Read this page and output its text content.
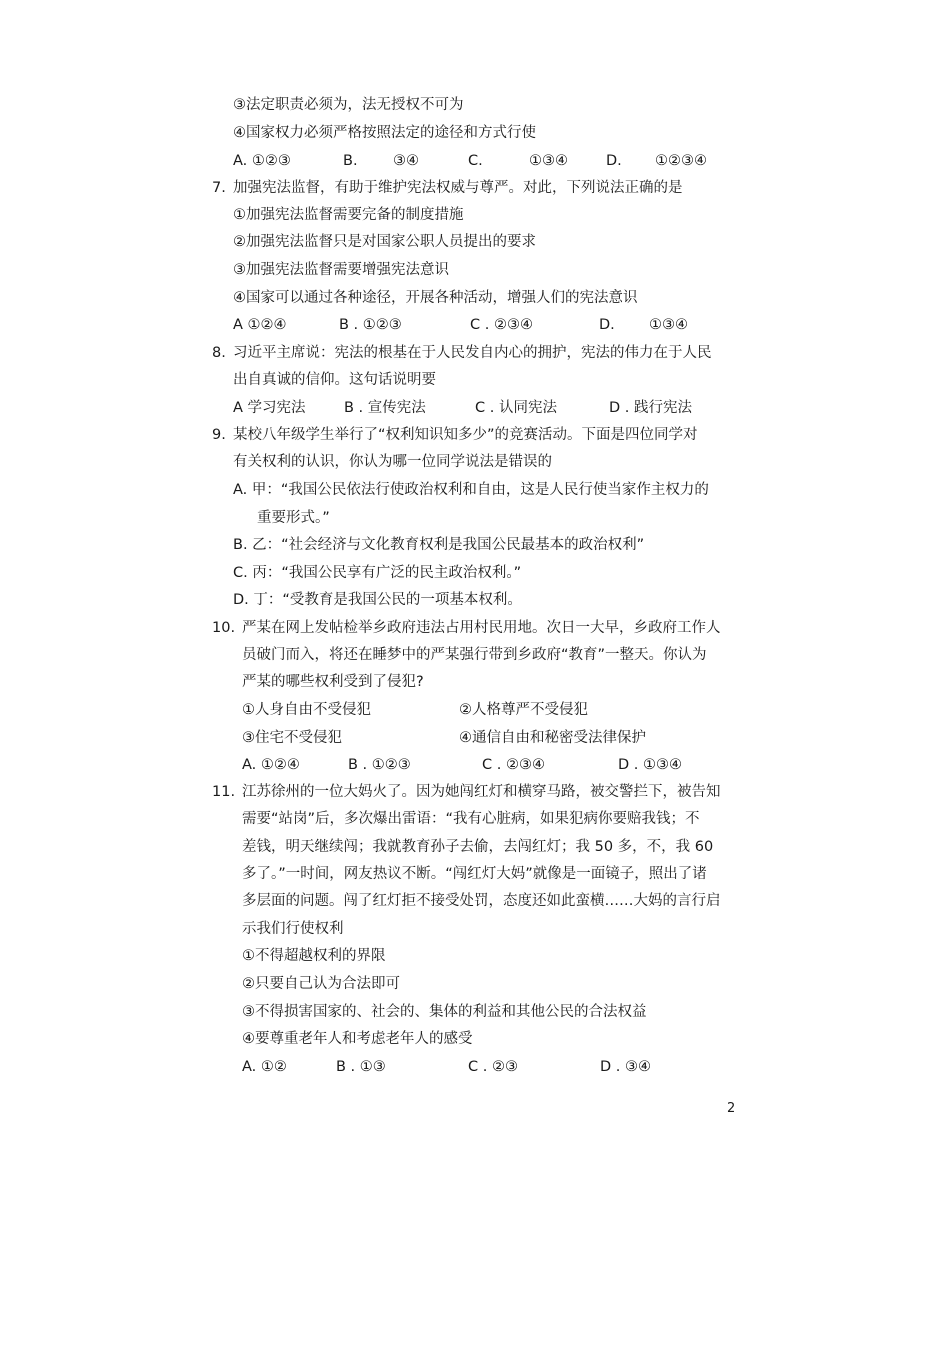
③法定职责必须为，法无授权不可为
④国家权力必须严格按照法定的途径和方式行使
A. ①②③	B. ③④	C.	①③④	D. ①②③④
7. 加强宪法监督，有助于维护宪法权威与尊严。对此，下列说法正确的是
①加强宪法监督需要完备的制度措施
②加强宪法监督只是对国家公职人员提出的要求
③加强宪法监督需要增强宪法意识
④国家可以通过各种途径，开展各种活动，增强人们的宪法意识
A ①②④	B . ①②③	C . ②③④	D. ①③④
8. 习近平主席说：宪法的根基在于人民发自内心的拥护，宪法的伟力在于人民
出自真诚的信仰。这句话说明要
A 学习宪法	B . 宣传宪法	C . 认同宪法	D . 践行宪法
9. 某校八年级学生举行了“权利知识知多少”的竞赛活动。下面是四位同学对
有关权利的认识，你认为哪一位同学说法是错误的
A. 甲：“我国公民依法行使政治权利和自由，这是人民行使当家作主权力的
重要形式。”
B. 乙：“社会经济与文化教育权利是我国公民最基本的政治权利”
C. 丙：“我国公民享有广泛的民主政治权利。”
D. 丁：“受教育是我国公民的一项基本权利。
10. 严某在网上发帖检举乡政府违法占用村民用地。次日一大早，乡政府工作人
员破门而入，将还在睡梦中的严某强行带到乡政府“教育”一整天。你认为
严某的哪些权利受到了侵犯?
①人身自由不受侵犯	②人格尊严不受侵犯
③住宅不受侵犯	④通信自由和秘密受法律保护
A. ①②④	B . ①②③	C . ②③④	D . ①③④
11. 江苏徐州的一位大妈火了。因为她闯红灯和横穿马路，被交警拦下，被告知
需要“站岗”后，多次爆出雷语：“我有心脏病，如果犯病你要赔我钱；不
差钱，明天继续闯；我就教育孙子去偷，去闯红灯；我 50 多，不，我 60
多了。”一时间，网友热议不断。“闯红灯大妈”就像是一面镜子，照出了诸
多层面的问题。闯了红灯拒不接受处罚，态度还如此蛮横……大妈的言行启
示我们行使权利
①不得超越权利的界限
②只要自己认为合法即可
③不得损害国家的、社会的、集体的利益和其他公民的合法权益
④要尊重老年人和考虑老年人的感受
A. ①②	B . ①③	C . ②③	D . ③④
2
